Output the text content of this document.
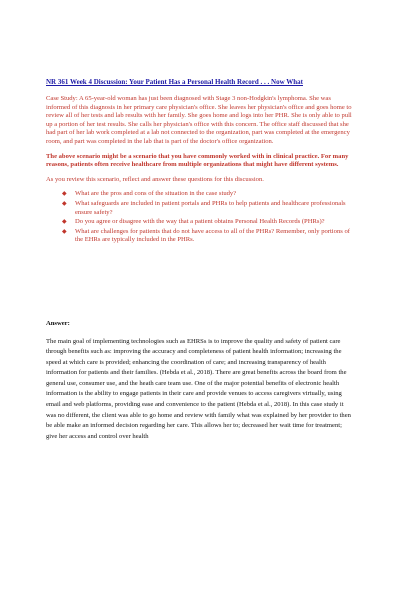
NR 361 Week 4 Discussion: Your Patient Has a Personal Health Record . . . Now What

Case Study: A 65-year-old woman has just been diagnosed with Stage 3 non-Hodgkin's lymphoma. She was informed of this diagnosis in her primary care physician's office. She leaves her physician's office and goes home to review all of her tests and lab results with her family. She goes home and logs into her PHR. She is only able to pull up a portion of her test results. She calls her physician's office with this concern. The office staff discussed that she had part of her lab work completed at a lab not connected to the organization, part was completed at the emergency room, and part was completed in the lab that is part of the doctor's office organization.

The above scenario might be a scenario that you have commonly worked with in clinical practice. For many reasons, patients often receive healthcare from multiple organizations that might have different systems.

As you review this scenario, reflect and answer these questions for this discussion.

◆ What are the pros and cons of the situation in the case study?
◆ What safeguards are included in patient portals and PHRs to help patients and healthcare professionals ensure safety?
◆ Do you agree or disagree with the way that a patient obtains Personal Health Records (PHRs)?
◆ What are challenges for patients that do not have access to all of the PHRs? Remember, only portions of the EHRs are typically included in the PHRs.

Answer:

The main goal of implementing technologies such as EHRSs is to improve the quality and safety of patient care through benefits such as: improving the accuracy and completeness of patient health information; increasing the speed at which care is provided; enhancing the coordination of care; and increasing transparency of health information for patients and their families. (Hebda et al., 2018). There are great benefits across the board from the general use, consumer use, and the heath care team use. One of the major potential benefits of electronic health information is the ability to engage patients in their care and provide venues to access caregivers virtually, using email and web platforms, providing ease and convenience to the patient (Hebda et al., 2018). In this case study it was no different, the client was able to go home and review with family what was explained by her provider to then be able make an informed decision regarding her care. This allows her to; decreased her wait time for treatment; give her access and control over health
